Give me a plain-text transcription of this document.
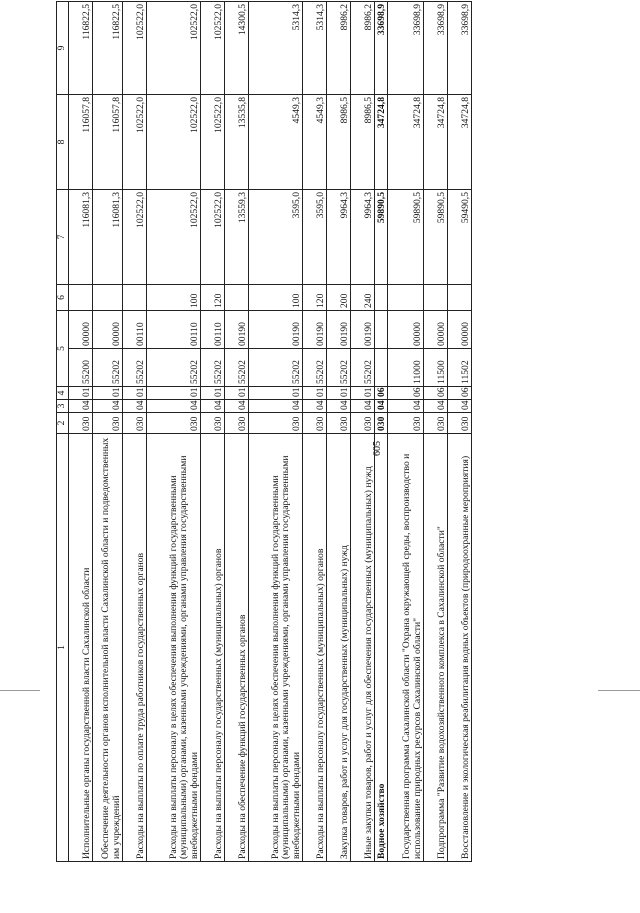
605
1	2	3	4	5		6	7	8	9
Исполнительные органы государственной власти Сахалинской области	030	04	01	55200	00000		116081,3	116057,8	116822,5
Обеспечение деятельности органов исполнительной власти Сахалинской области и подведомственных им учреждений	030	04	01	55202	00000		116081,3	116057,8	116822,5
Расходы на выплаты по оплате труда работников государственных органов	030	04	01	55202	00110		102522,0	102522,0	102522,0
Расходы на выплаты персоналу в целях обеспечения выполнения функций государственными (муниципальными) органами, казенными учреждениями, органами управления государственными внебюджетными фондами	030	04	01	55202	00110	100	102522,0	102522,0	102522,0
Расходы на выплаты персоналу государственных (муниципальных) органов	030	04	01	55202	00110	120	102522,0	102522,0	102522,0
Расходы на обеспечение функций государственных органов	030	04	01	55202	00190		13559,3	13535,8	14300,5
Расходы на выплаты персоналу в целях обеспечения выполнения функций государственными (муниципальными) органами, казенными учреждениями, органами управления государственными внебюджетными фондами	030	04	01	55202	00190	100	3595,0	4549,3	5314,3
Расходы на выплаты персоналу государственных (муниципальных) органов	030	04	01	55202	00190	120	3595,0	4549,3	5314,3
Закупка товаров, работ и услуг для государственных (муниципальных) нужд	030	04	01	55202	00190	200	9964,3	8986,5	8986,2
Иные закупки товаров, работ и услуг для обеспечения государственных (муниципальных) нужд	030	04	01	55202	00190	240	9964,3	8986,5	8986,2
Водное хозяйство	030	04	06				59890,5	34724,8	33698,9
Государственная программа Сахалинской области "Охрана окружающей среды, воспроизводство и использование природных ресурсов Сахалинской области"	030	04	06	11000	00000		59890,5	34724,8	33698,9
Подпрограмма "Развитие водохозяйственного комплекса в Сахалинской области"	030	04	06	11500	00000		59890,5	34724,8	33698,9
Восстановление и экологическая реабилитация водных объектов (природоохранные мероприятия)	030	04	06	11502	00000		59490,5	34724,8	33698,9
